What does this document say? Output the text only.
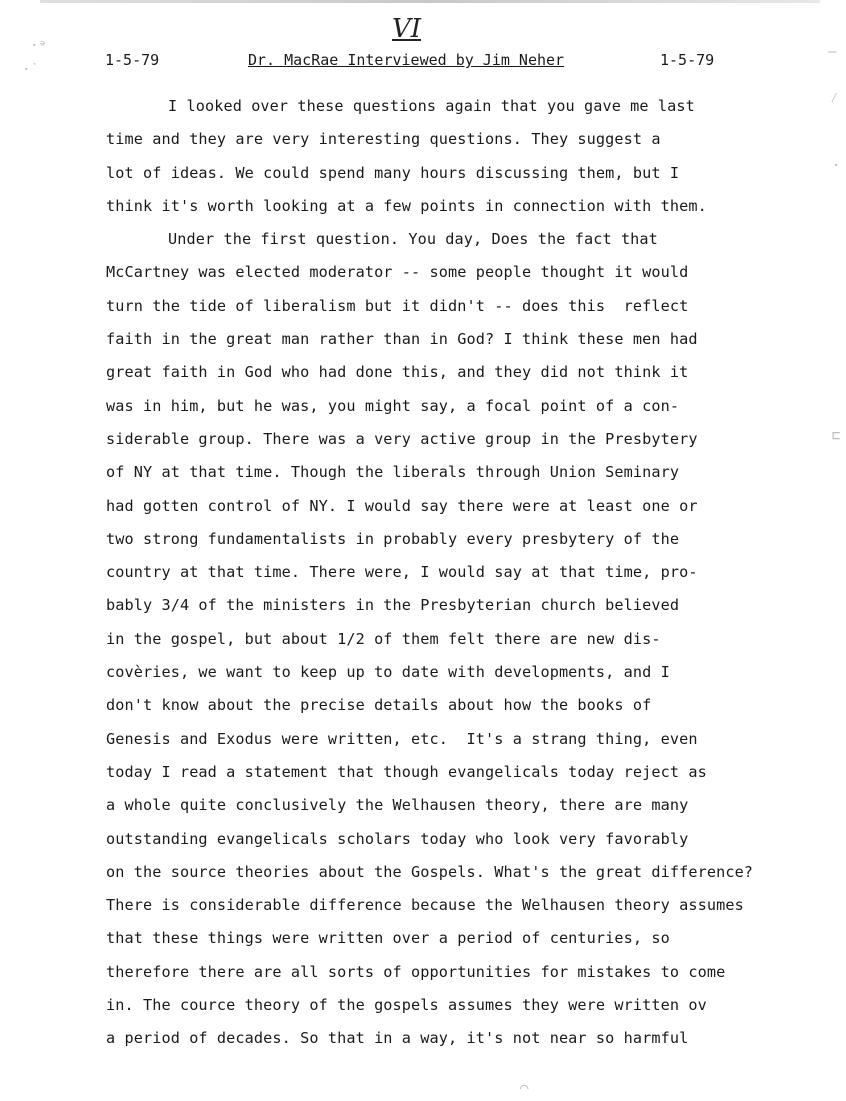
VI
1-5-79	Dr. MacRae Interviewed by Jim Neher	1-5-79
I looked over these questions again that you gave me last
time and they are very interesting questions. They suggest a
lot of ideas. We could spend many hours discussing them, but I
think it's worth looking at a few points in connection with them.
Under the first question. You day, Does the fact that
McCartney was elected moderator -- some people thought it would
turn the tide of liberalism but it didn't -- does this  reflect
faith in the great man rather than in God? I think these men had
great faith in God who had done this, and they did not think it
was in him, but he was, you might say, a focal point of a con-
siderable group. There was a very active group in the Presbytery
of NY at that time. Though the liberals through Union Seminary
had gotten control of NY. I would say there were at least one or
two strong fundamentalists in probably every presbytery of the
country at that time. There were, I would say at that time, pro-
bably 3/4 of the ministers in the Presbyterian church believed
in the gospel, but about 1/2 of them felt there are new dis-
covèries, we want to keep up to date with developments, and I
don't know about the precise details about how the books of
Genesis and Exodus were written, etc.  It's a strang thing, even
today I read a statement that though evangelicals today reject as
a whole quite conclusively the Welhausen theory, there are many
outstanding evangelicals scholars today who look very favorably
on the source theories about the Gospels. What's the great difference?
There is considerable difference because the Welhausen theory assumes
that these things were written over a period of centuries, so
therefore there are all sorts of opportunities for mistakes to come
in. The cource theory of the gospels assumes they were written ov
a period of decades. So that in a way, it's not near so harmful
·ᵊ
·˙
–
⁄
·
⊏
⌒
